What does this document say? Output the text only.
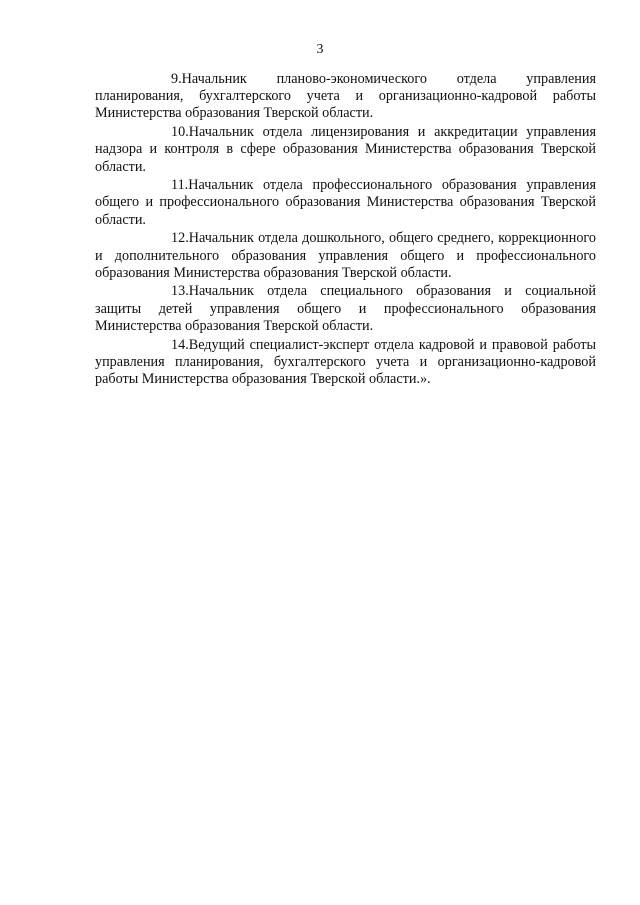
3

9.Начальник планово-экономического отдела управления планирования, бухгалтерского учета и организационно-кадровой работы Министерства образования Тверской области.

10.Начальник отдела лицензирования и аккредитации управления надзора и контроля в сфере образования Министерства образования Тверской области.

11.Начальник отдела профессионального образования управления общего и профессионального образования Министерства образования Тверской области.

12.Начальник отдела дошкольного, общего среднего, коррекционного и дополнительного образования управления общего и профессионального образования Министерства образования Тверской области.

13.Начальник отдела специального образования и социальной защиты детей управления общего и профессионального образования Министерства образования Тверской области.

14.Ведущий специалист-эксперт отдела кадровой и правовой работы управления планирования, бухгалтерского учета и организационно-кадровой работы Министерства образования Тверской области.».
